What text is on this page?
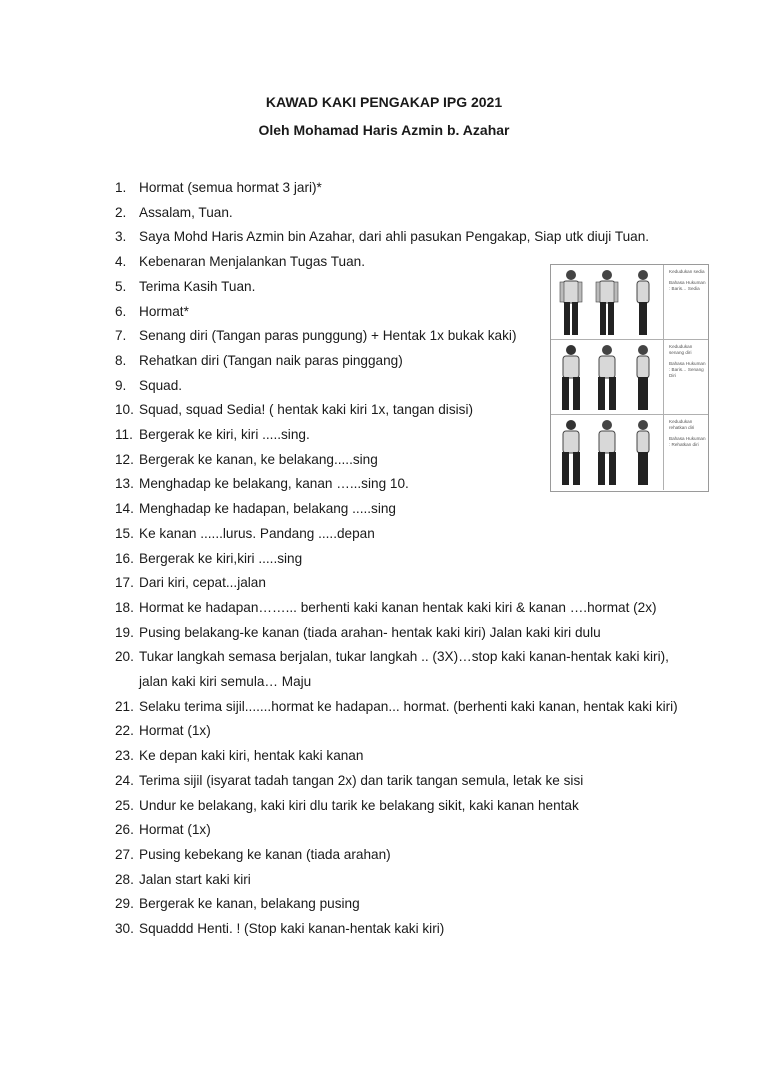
KAWAD KAKI PENGAKAP IPG 2021
Oleh Mohamad Haris Azmin b. Azahar
1. Hormat (semua hormat 3 jari)*
2. Assalam, Tuan.
3. Saya Mohd Haris Azmin bin Azahar, dari ahli pasukan Pengakap, Siap utk diuji Tuan.
4. Kebenaran Menjalankan Tugas Tuan.
5. Terima Kasih Tuan.
6. Hormat*
7. Senang diri (Tangan paras punggung) + Hentak 1x bukak kaki)
8. Rehatkan diri (Tangan naik paras pinggang)
9. Squad.
10. Squad, squad Sedia! ( hentak kaki kiri 1x, tangan disisi)
11. Bergerak ke kiri, kiri .....sing.
12. Bergerak ke kanan, ke belakang.....sing
13. Menghadap ke belakang, kanan …...sing 10.
14. Menghadap ke hadapan, belakang .....sing
15. Ke kanan ......lurus. Pandang .....depan
16. Bergerak ke kiri,kiri .....sing
17. Dari kiri, cepat...jalan
18. Hormat ke hadapan……... berhenti kaki kanan hentak kaki kiri & kanan ….hormat (2x)
19. Pusing belakang-ke kanan (tiada arahan- hentak kaki kiri) Jalan kaki kiri dulu
20. Tukar langkah semasa berjalan, tukar langkah .. (3X)…stop kaki kanan-hentak kaki kiri), jalan kaki kiri semula… Maju
21. Selaku terima sijil.......hormat ke hadapan... hormat. (berhenti kaki kanan, hentak kaki kiri)
22. Hormat (1x)
23. Ke depan kaki kiri, hentak kaki kanan
24. Terima sijil (isyarat tadah tangan 2x) dan tarik tangan semula, letak ke sisi
25. Undur ke belakang, kaki kiri dlu tarik ke belakang sikit, kaki kanan hentak
26. Hormat (1x)
27. Pusing kebekang ke kanan (tiada arahan)
28. Jalan start kaki kiri
29. Bergerak ke kanan, belakang pusing
30. Squaddd Henti. ! (Stop kaki kanan-hentak kaki kiri)
Kedudukan sedia
Bahasa Hukuman : Baris… Sedia
Kedudukan senang diri
Bahasa Hukuman : Baris… Senang Diri
Kedudukan rehatkan diri
Bahasa Hukuman : Rehatkan diri
